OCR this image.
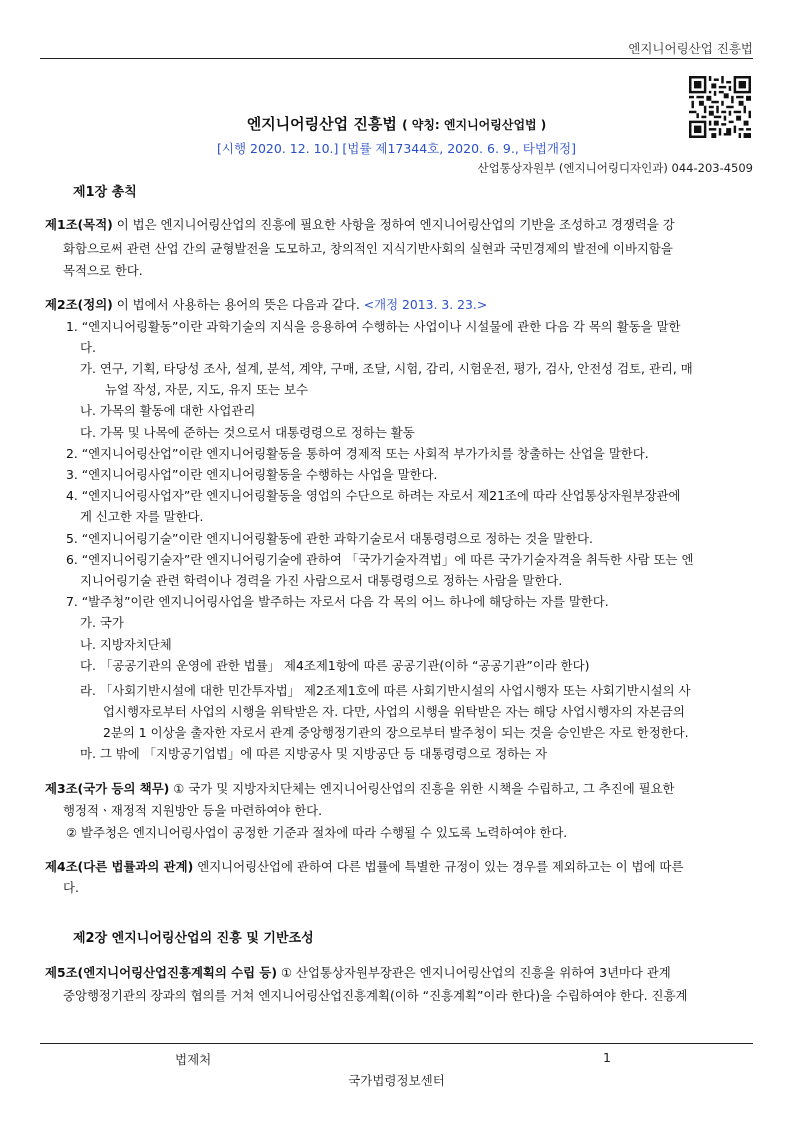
엔지니어링산업 진흥법
엔지니어링산업 진흥법 ( 약칭: 엔지니어링산업법 )
[시행 2020. 12. 10.] [법률 제17344호, 2020. 6. 9., 타법개정]
산업통상자원부 (엔지니어링디자인과) 044-203-4509
제1장 총칙
제1조(목적) 이 법은 엔지니어링산업의 진흥에 필요한 사항을 정하여 엔지니어링산업의 기반을 조성하고 경쟁력을 강
화함으로써 관련 산업 간의 균형발전을 도모하고, 창의적인 지식기반사회의 실현과 국민경제의 발전에 이바지함을
목적으로 한다.
제2조(정의) 이 법에서 사용하는 용어의 뜻은 다음과 같다. <개정 2013. 3. 23.>
1. “엔지니어링활동”이란 과학기술의 지식을 응용하여 수행하는 사업이나 시설물에 관한 다음 각 목의 활동을 말한
다.
가. 연구, 기획, 타당성 조사, 설계, 분석, 계약, 구매, 조달, 시험, 감리, 시험운전, 평가, 검사, 안전성 검토, 관리, 매
뉴얼 작성, 자문, 지도, 유지 또는 보수
나. 가목의 활동에 대한 사업관리
다. 가목 및 나목에 준하는 것으로서 대통령령으로 정하는 활동
2. “엔지니어링산업”이란 엔지니어링활동을 통하여 경제적 또는 사회적 부가가치를 창출하는 산업을 말한다.
3. “엔지니어링사업”이란 엔지니어링활동을 수행하는 사업을 말한다.
4. “엔지니어링사업자”란 엔지니어링활동을 영업의 수단으로 하려는 자로서 제21조에 따라 산업통상자원부장관에
게 신고한 자를 말한다.
5. “엔지니어링기술”이란 엔지니어링활동에 관한 과학기술로서 대통령령으로 정하는 것을 말한다.
6. “엔지니어링기술자”란 엔지니어링기술에 관하여 「국가기술자격법」에 따른 국가기술자격을 취득한 사람 또는 엔
지니어링기술 관련 학력이나 경력을 가진 사람으로서 대통령령으로 정하는 사람을 말한다.
7. “발주청”이란 엔지니어링사업을 발주하는 자로서 다음 각 목의 어느 하나에 해당하는 자를 말한다.
가. 국가
나. 지방자치단체
다. 「공공기관의 운영에 관한 법률」 제4조제1항에 따른 공공기관(이하 “공공기관”이라 한다)
라. 「사회기반시설에 대한 민간투자법」 제2조제1호에 따른 사회기반시설의 사업시행자 또는 사회기반시설의 사
업시행자로부터 사업의 시행을 위탁받은 자. 다만, 사업의 시행을 위탁받은 자는 해당 사업시행자의 자본금의
2분의 1 이상을 출자한 자로서 관계 중앙행정기관의 장으로부터 발주청이 되는 것을 승인받은 자로 한정한다.
마. 그 밖에 「지방공기업법」에 따른 지방공사 및 지방공단 등 대통령령으로 정하는 자
제3조(국가 등의 책무) ① 국가 및 지방자치단체는 엔지니어링산업의 진흥을 위한 시책을 수립하고, 그 추진에 필요한
행정적ㆍ재정적 지원방안 등을 마련하여야 한다.
② 발주청은 엔지니어링사업이 공정한 기준과 절차에 따라 수행될 수 있도록 노력하여야 한다.
제4조(다른 법률과의 관계) 엔지니어링산업에 관하여 다른 법률에 특별한 규정이 있는 경우를 제외하고는 이 법에 따른
다.
제2장 엔지니어링산업의 진흥 및 기반조성
제5조(엔지니어링산업진흥계획의 수립 등) ① 산업통상자원부장관은 엔지니어링산업의 진흥을 위하여 3년마다 관계
중앙행정기관의 장과의 협의를 거쳐 엔지니어링산업진흥계획(이하 “진흥계획”이라 한다)을 수립하여야 한다. 진흥계
법제처	1
국가법령정보센터
